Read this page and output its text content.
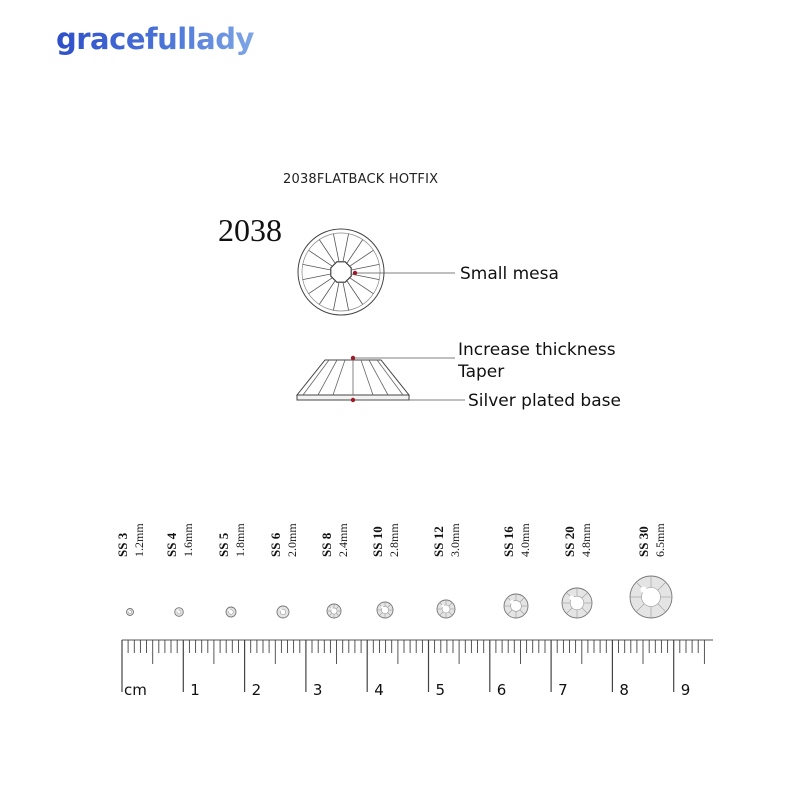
gracefullady
2038FLATBACK HOTFIX
2038
Small mesa
Increase thickness
Taper
Silver plated base
SS 3 1.2mm SS 4 1.6mm SS 5 1.8mm SS 6 2.0mm SS 8 2.4mm SS 10 2.8mm SS 12 3.0mm	SS 16 4.0mm SS 20 4.8mm	SS 30 6.5mm
cm	1	2	3	4	5	6	7	8	9
